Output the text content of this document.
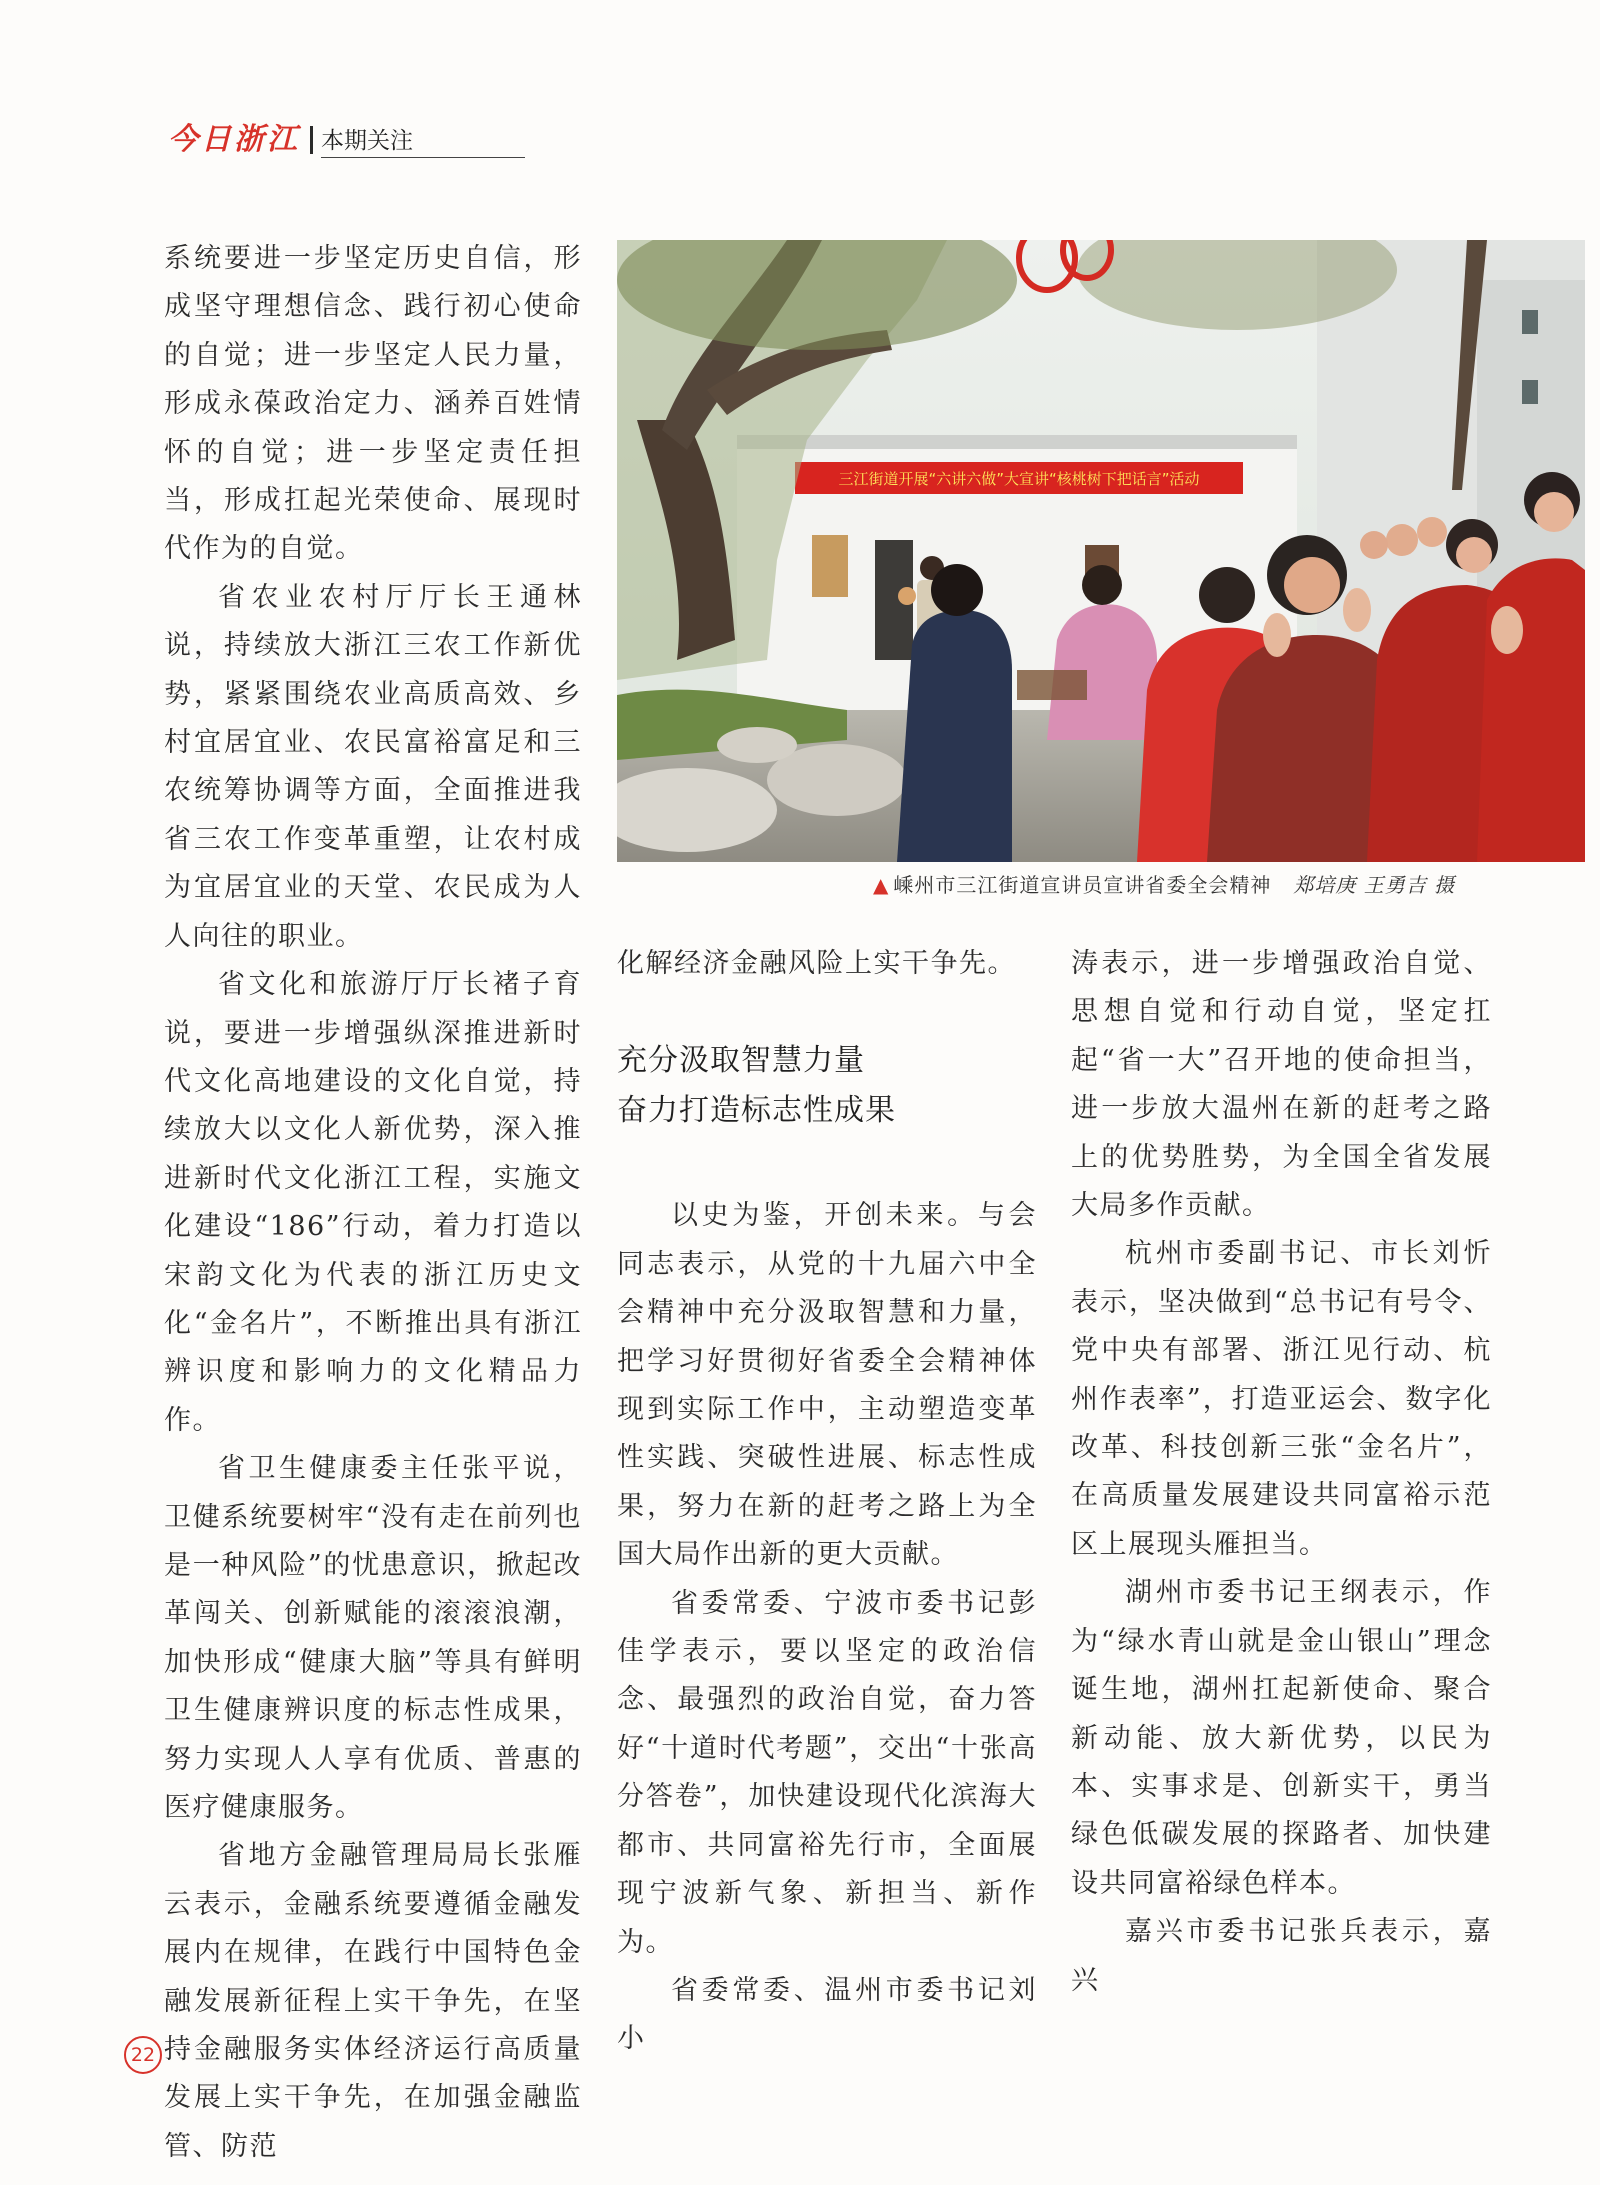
今日浙江 本期关注

系统要进一步坚定历史自信，形成坚守理想信念、践行初心使命的自觉；进一步坚定人民力量，形成永葆政治定力、涵养百姓情怀的自觉；进一步坚定责任担当，形成扛起光荣使命、展现时代作为的自觉。

省农业农村厅厅长王通林说，持续放大浙江三农工作新优势，紧紧围绕农业高质高效、乡村宜居宜业、农民富裕富足和三农统筹协调等方面，全面推进我省三农工作变革重塑，让农村成为宜居宜业的天堂、农民成为人人向往的职业。

省文化和旅游厅厅长褚子育说，要进一步增强纵深推进新时代文化高地建设的文化自觉，持续放大以文化人新优势，深入推进新时代文化浙江工程，实施文化建设“186”行动，着力打造以宋韵文化为代表的浙江历史文化“金名片”，不断推出具有浙江辨识度和影响力的文化精品力作。

省卫生健康委主任张平说，卫健系统要树牢“没有走在前列也是一种风险”的忧患意识，掀起改革闯关、创新赋能的滚滚浪潮，加快形成“健康大脑”等具有鲜明卫生健康辨识度的标志性成果，努力实现人人享有优质、普惠的医疗健康服务。

省地方金融管理局局长张雁云表示，金融系统要遵循金融发展内在规律，在践行中国特色金融发展新征程上实干争先，在坚持金融服务实体经济运行高质量发展上实干争先，在加强金融监管、防范

三江街道开展“六讲六做”大宣讲“核桃树下把话言”活动
▲ 嵊州市三江街道宣讲员宣讲省委全会精神 郑培庚 王勇吉 摄

化解经济金融风险上实干争先。

充分汲取智慧力量
奋力打造标志性成果

以史为鉴，开创未来。与会同志表示，从党的十九届六中全会精神中充分汲取智慧和力量，把学习好贯彻好省委全会精神体现到实际工作中，主动塑造变革性实践、突破性进展、标志性成果，努力在新的赶考之路上为全国大局作出新的更大贡献。

省委常委、宁波市委书记彭佳学表示，要以坚定的政治信念、最强烈的政治自觉，奋力答好“十道时代考题”，交出“十张高分答卷”，加快建设现代化滨海大都市、共同富裕先行市，全面展现宁波新气象、新担当、新作为。

省委常委、温州市委书记刘小

涛表示，进一步增强政治自觉、思想自觉和行动自觉，坚定扛起“省一大”召开地的使命担当，进一步放大温州在新的赶考之路上的优势胜势，为全国全省发展大局多作贡献。

杭州市委副书记、市长刘忻表示，坚决做到“总书记有号令、党中央有部署、浙江见行动、杭州作表率”，打造亚运会、数字化改革、科技创新三张“金名片”，在高质量发展建设共同富裕示范区上展现头雁担当。

湖州市委书记王纲表示，作为“绿水青山就是金山银山”理念诞生地，湖州扛起新使命、聚合新动能、放大新优势，以民为本、实事求是、创新实干，勇当绿色低碳发展的探路者、加快建设共同富裕绿色样本。

嘉兴市委书记张兵表示，嘉兴

22
